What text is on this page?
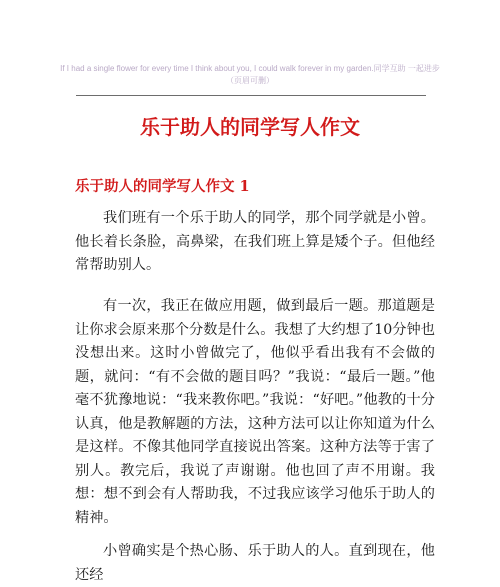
If I had a single flower for every time I think about you, I could walk forever in my garden.同学互助 一起进步
（页眉可删）
乐于助人的同学写人作文
乐于助人的同学写人作文 1

我们班有一个乐于助人的同学，那个同学就是小曾。他长着长条脸，高鼻梁，在我们班上算是矮个子。但他经常帮助别人。

有一次，我正在做应用题，做到最后一题。那道题是让你求会原来那个分数是什么。我想了大约想了10分钟也没想出来。这时小曾做完了，他似乎看出我有不会做的题，就问：“有不会做的题目吗？”我说：“最后一题。”他毫不犹豫地说：“我来教你吧。”我说：“好吧。”他教的十分认真，他是教解题的方法，这种方法可以让你知道为什么是这样。不像其他同学直接说出答案。这种方法等于害了别人。教完后，我说了声谢谢。他也回了声不用谢。我想：想不到会有人帮助我，不过我应该学习他乐于助人的精神。

小曾确实是个热心肠、乐于助人的人。直到现在，他还经
